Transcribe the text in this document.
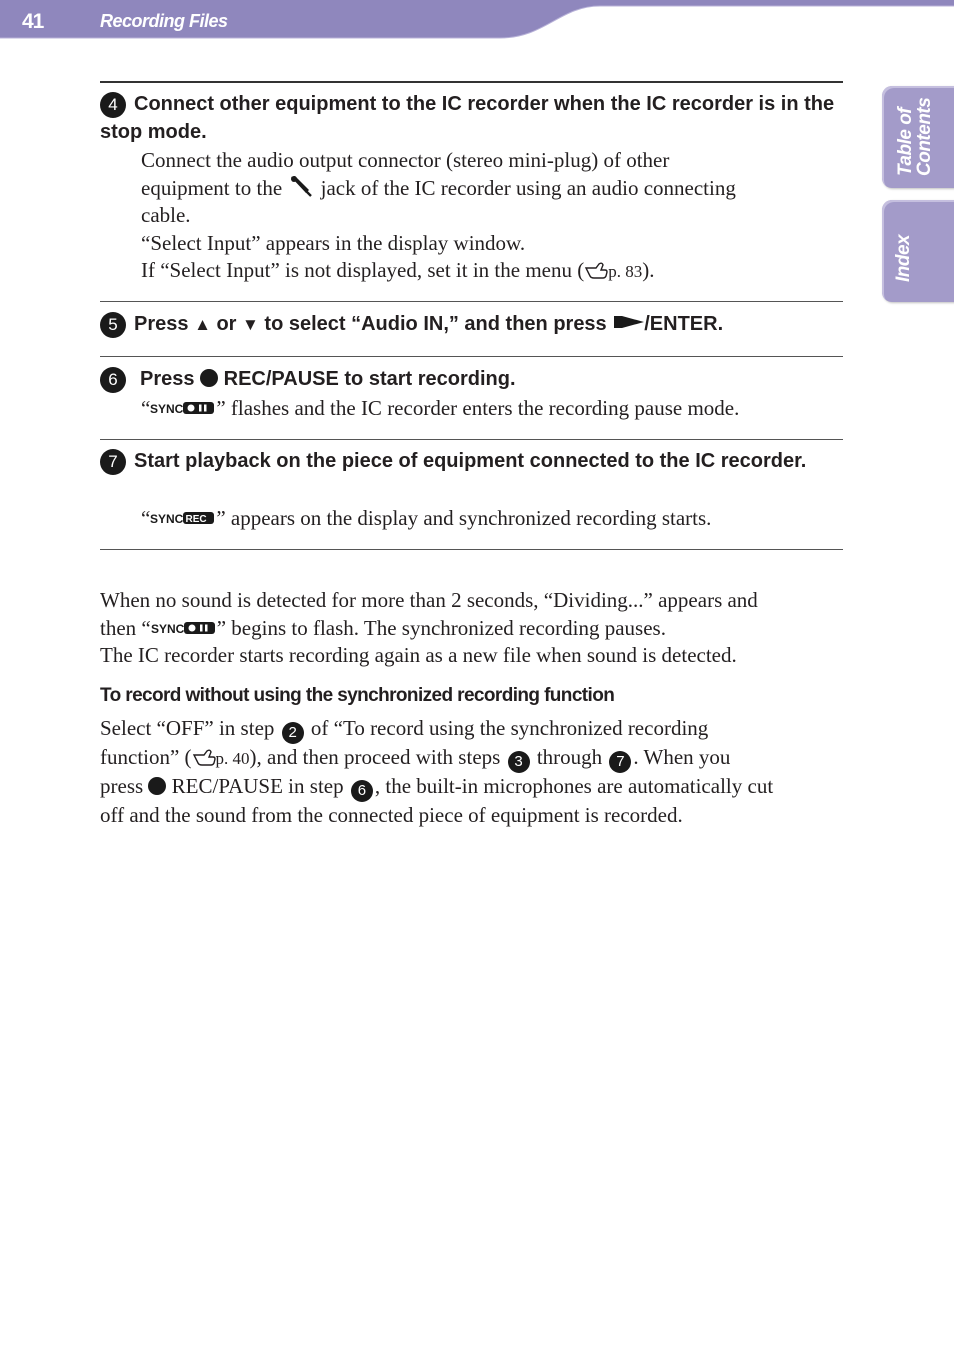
41	Recording Files
Table of Contents
Index
4 Connect other equipment to the IC recorder when the IC recorder is in the stop mode.
Connect the audio output connector (stereo mini-plug) of other
equipment to the jack of the IC recorder using an audio connecting
cable.
“Select Input” appears in the display window.
If “Select Input” is not displayed, set it in the menu ( p. 83).
5 Press ▲ or ▼ to select “Audio IN,” and then press /ENTER.
6 Press REC/PAUSE to start recording.
“ SYNC ” flashes and the IC recorder enters the recording pause mode.
7 Start playback on the piece of equipment connected to the IC recorder.
“ SYNC REC ” appears on the display and synchronized recording starts.
When no sound is detected for more than 2 seconds, “Dividing...” appears and
then “ SYNC ” begins to flash. The synchronized recording pauses.
The IC recorder starts recording again as a new file when sound is detected.
To record without using the synchronized recording function
Select “OFF” in step 2 of “To record using the synchronized recording
function” ( p. 40), and then proceed with steps 3 through 7 . When you
press REC/PAUSE in step 6 , the built-in microphones are automatically cut
off and the sound from the connected piece of equipment is recorded.
